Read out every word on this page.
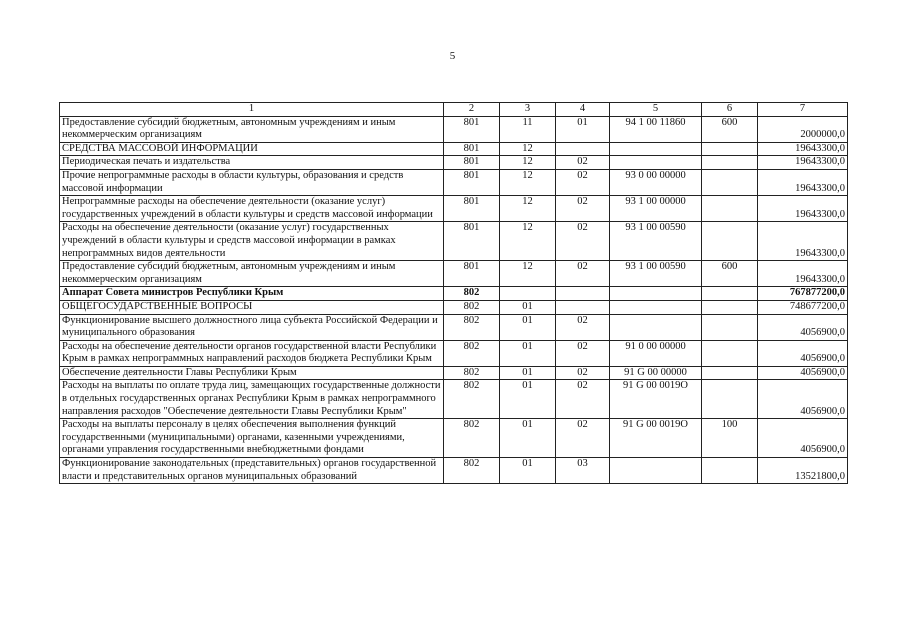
5
1	2	3	4	5	6	7
Предоставление субсидий бюджетным, автономным учреждениям и иным некоммерческим организациям	801	11	01	94 1 00 11860	600	2000000,0
СРЕДСТВА МАССОВОЙ ИНФОРМАЦИИ	801	12				19643300,0
Периодическая печать и издательства	801	12	02			19643300,0
Прочие непрограммные расходы в области культуры, образования и средств массовой информации	801	12	02	93 0 00 00000		19643300,0
Непрограммные расходы на обеспечение деятельности (оказание услуг) государственных учреждений в области культуры и средств массовой информации	801	12	02	93 1 00 00000		19643300,0
Расходы на обеспечение деятельности (оказание услуг) государственных учреждений в области культуры и средств массовой информации в рамках непрограммных видов деятельности	801	12	02	93 1 00 00590		19643300,0
Предоставление субсидий бюджетным, автономным учреждениям и иным некоммерческим организациям	801	12	02	93 1 00 00590	600	19643300,0
Аппарат Совета министров Республики Крым	802					767877200,0
ОБЩЕГОСУДАРСТВЕННЫЕ ВОПРОСЫ	802	01				748677200,0
Функционирование высшего должностного лица субъекта Российской Федерации и муниципального образования	802	01	02			4056900,0
Расходы на обеспечение деятельности органов государственной власти Республики Крым в рамках непрограммных направлений расходов бюджета Республики Крым	802	01	02	91 0 00 00000		4056900,0
Обеспечение деятельности Главы Республики Крым	802	01	02	91 G 00 00000		4056900,0
Расходы на выплаты по оплате труда лиц, замещающих государственные должности в отдельных государственных органах Республики Крым в рамках непрограммного направления расходов "Обеспечение деятельности Главы Республики Крым"	802	01	02	91 G 00 0019O		4056900,0
Расходы на выплаты персоналу в целях обеспечения выполнения функций государственными (муниципальными) органами, казенными учреждениями, органами управления государственными внебюджетными фондами	802	01	02	91 G 00 0019O	100	4056900,0
Функционирование законодательных (представительных) органов государственной власти и представительных органов муниципальных образований	802	01	03			13521800,0
